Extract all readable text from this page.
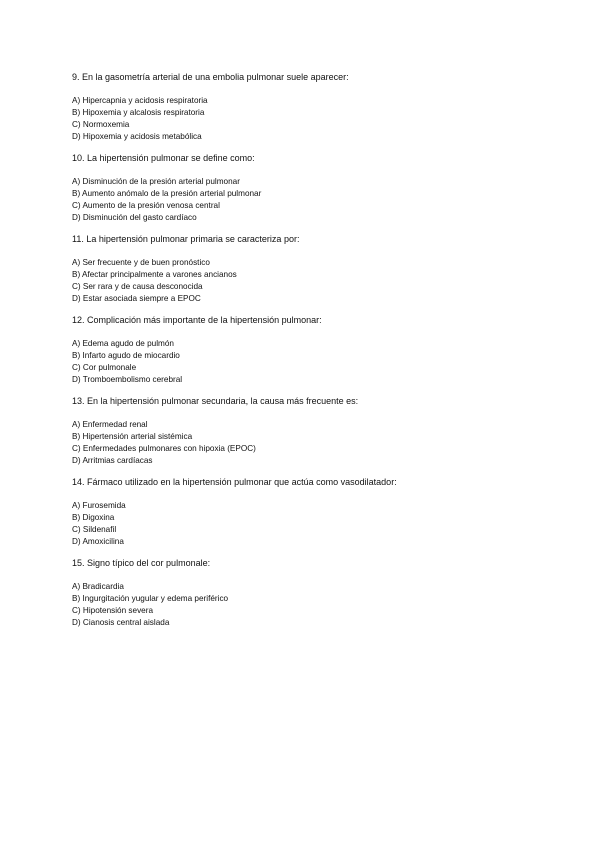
9. En la gasometría arterial de una embolia pulmonar suele aparecer:
A) Hipercapnia y acidosis respiratoria
B) Hipoxemia y alcalosis respiratoria
C) Normoxemia
D) Hipoxemia y acidosis metabólica
10. La hipertensión pulmonar se define como:
A) Disminución de la presión arterial pulmonar
B) Aumento anómalo de la presión arterial pulmonar
C) Aumento de la presión venosa central
D) Disminución del gasto cardíaco
11. La hipertensión pulmonar primaria se caracteriza por:
A) Ser frecuente y de buen pronóstico
B) Afectar principalmente a varones ancianos
C) Ser rara y de causa desconocida
D) Estar asociada siempre a EPOC
12. Complicación más importante de la hipertensión pulmonar:
A) Edema agudo de pulmón
B) Infarto agudo de miocardio
C) Cor pulmonale
D) Tromboembolismo cerebral
13. En la hipertensión pulmonar secundaria, la causa más frecuente es:
A) Enfermedad renal
B) Hipertensión arterial sistémica
C) Enfermedades pulmonares con hipoxia (EPOC)
D) Arritmias cardíacas
14. Fármaco utilizado en la hipertensión pulmonar que actúa como vasodilatador:
A) Furosemida
B) Digoxina
C) Sildenafil
D) Amoxicilina
15. Signo típico del cor pulmonale:
A) Bradicardia
B) Ingurgitación yugular y edema periférico
C) Hipotensión severa
D) Cianosis central aislada
